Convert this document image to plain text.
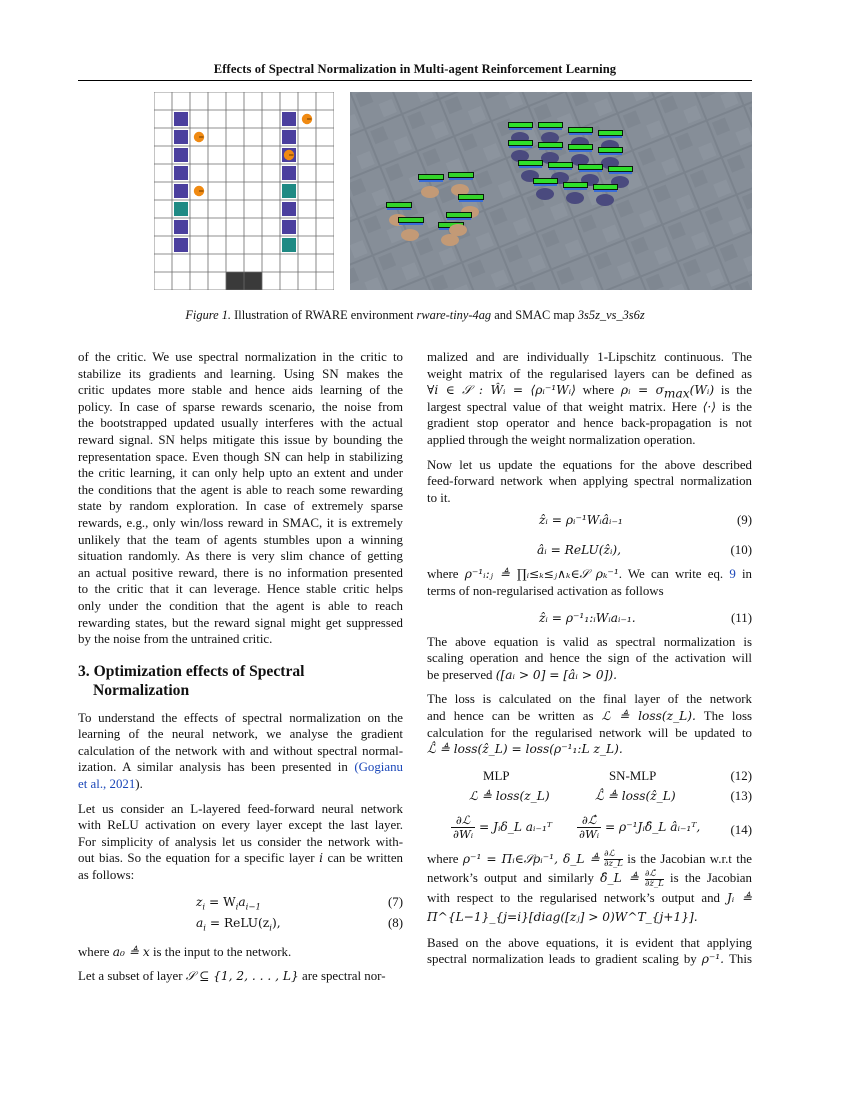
Effects of Spectral Normalization in Multi-agent Reinforcement Learning
Figure 1. Illustration of RWARE environment rware-tiny-4ag and SMAC map 3s5z_vs_3s6z

of the critic. We use spectral normalization in the critic to
stabilize its gradients and learning. Using SN makes the
critic updates more stable and hence aids learning of the
policy. In case of sparse rewards scenario, the noise from
the bootstrapped updated usually interferes with the actual
reward signal. SN helps mitigate this issue by bounding the
representation space. Even though SN can help in stabilizing
the critic learning, it can only help upto an extent and under
the conditions that the agent is able to reach some rewarding
state by random exploration. In case of extremely sparse
rewards, e.g., only win/loss reward in SMAC, it is extremely
unlikely that the team of agents stumbles upon a winning
situation randomly. As there is very slim chance of getting
an actual positive reward, there is no information presented
to the critic that it can leverage. Hence stable critic helps
only under the condition that the agent is able to reach
rewarding states, but the reward signal might get suppressed
by the noise from the untrained critic.

3. Optimization effects of Spectral
Normalization

To understand the effects of spectral normalization on the
learning of the neural network, we analyse the gradient
calculation of the network with and without spectral normal-
ization. A similar analysis has been presented in (Gogianu
et al., 2021).

Let us consider an L-layered feed-forward neural network
with ReLU activation on every layer except the last layer.
For simplicity of analysis let us consider the network with-
out bias. So the equation for a specific layer i can be written
as follows:

$z_i = W_ia_{i-1}$	(7)
$a_i$ = $ReLU(z_i)$,	(8)

where a₀ ≜ x is the input to the network.

Let a subset of layer 𝒮 ⊆ {1, 2, . . . , L} are spectral nor-

malized and are individually 1-Lipschitz continuous. The
weight matrix of the regularised layers can be defined as
∀i ∈ 𝒮 : Ŵᵢ = ⟨ρᵢ⁻¹Wᵢ⟩ where ρᵢ = $\sigma_{max}(Wᵢ)$ is the
largest spectral value of that weight matrix. Here ⟨·⟩ is the
gradient stop operator and hence back-propagation is not
applied through the weight normalization operation.

Now let us update the equations for the above described
feed-forward network when applying spectral normalization
to it.

ẑᵢ = ρᵢ⁻¹Wᵢâᵢ₋₁	(9)
âᵢ = ReLU(ẑᵢ),	(10)

where ρ⁻¹ᵢ:ⱼ ≜ ∏ᵢ≤ₖ≤ⱼ∧ₖ∈𝒮 ρₖ⁻¹. We can write eq. 9 in
terms of non-regularised activation as follows

ẑᵢ = ρ⁻¹₁:ᵢWᵢaᵢ₋₁.	(11)

The above equation is valid as spectral normalization is
scaling operation and hence the sign of the activation will
be preserved ([aᵢ > 0] = [âᵢ > 0]).

The loss is calculated on the final layer of the network
and hence can be written as ℒ ≜ loss(z_L). The loss
calculation for the regularised network will be updated to
ℒ̂ ≜ loss(ẑ_L) = loss(ρ⁻¹₁:L z_L).

MLP	SN-MLP	(12)
ℒ ≜ loss(z_L)	ℒ̂ ≜ loss(ẑ_L)	(13)
$\frac{\text{∂ℒ}}{\text{∂Wᵢ}}$ = Jᵢδ_L aᵢ₋₁ᵀ $\frac{\text{∂ℒ̂}}{\text{∂Wᵢ}}$ = ρ⁻¹Jᵢδ̂_L âᵢ₋₁ᵀ, (14)

where ρ⁻¹ = Πᵢ∈𝒮ρᵢ⁻¹, δ_L ≜ ∂ℒ
∂z_L is the Jacobian w.r.t the
network’s output and similarly δ̂_L ≜ ∂ℒ̂
∂ẑ_L is the Jacobian
with respect to the regularised network’s output and Jᵢ ≜
Π^{L−1}_{j=i}[diag([zⱼ] > 0)W^T_{j+1}].

Based on the above equations, it is evident that applying
spectral normalization leads to gradient scaling by ρ⁻¹. This
